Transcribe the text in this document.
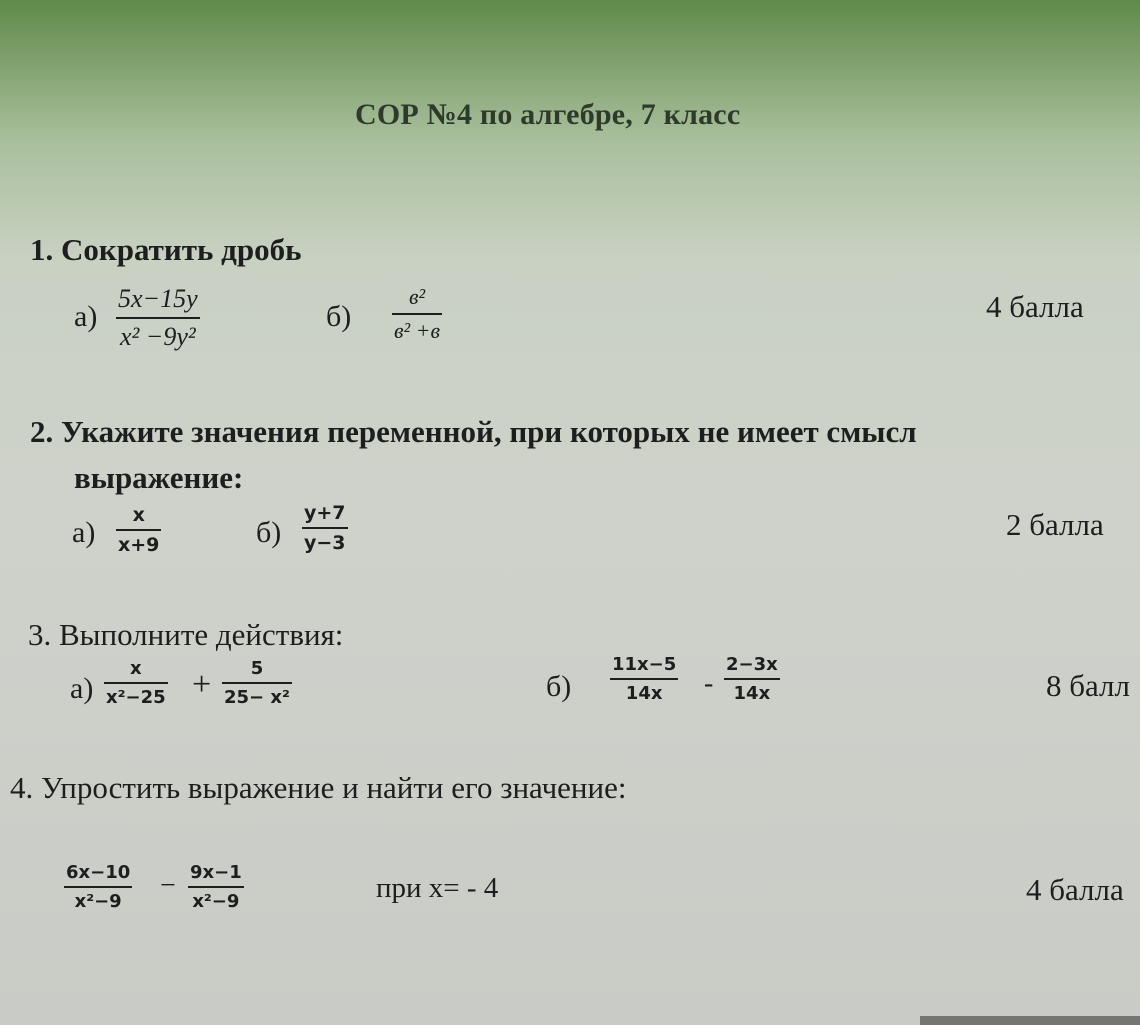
СОР №4 по алгебре, 7 класс
1. Сократить дробь
а)
5x−15y
x² −9y²
б)
в²
в² +в
4 балла
2. Укажите значения переменной, при которых не имеет смысл
выражение:
а)
x
x+9	б)
y+7
y−3
2 балла
3. Выполните действия:
а)
x
x²−25 + 5
25− x²	б)
11x−5
14x -
2−3x
14x	8 балл
4. Упростить выражение и найти его значение:
6x−10
x²−9
− 9x−1
x²−9	при x= - 4	4 балла
